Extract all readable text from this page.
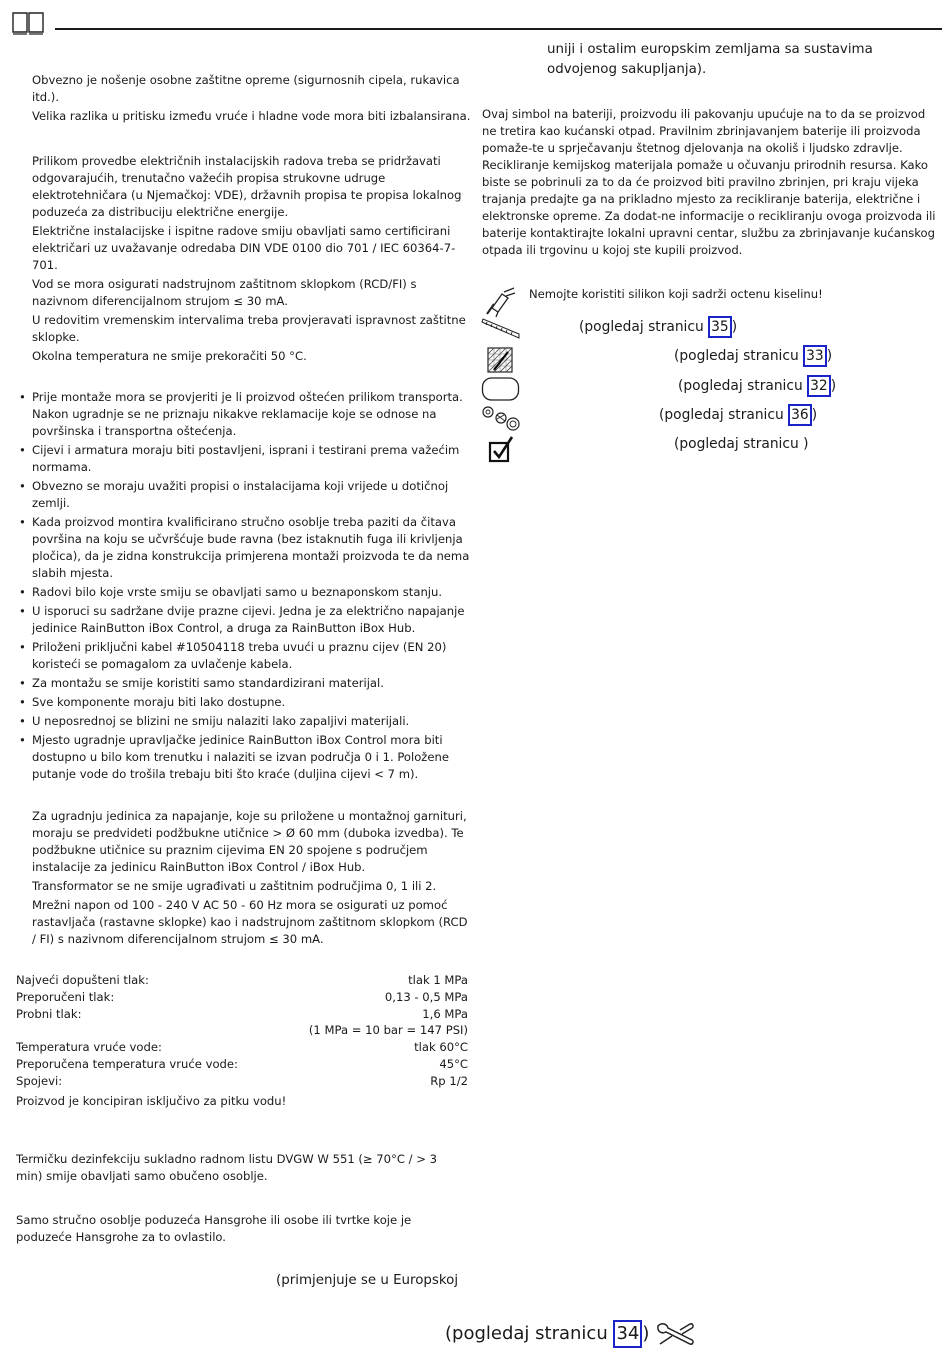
Obvezno je nošenje osobne zaštitne opreme (sigurnosnih cipela, rukavica itd.).

Velika razlika u pritisku između vruće i hladne vode mora biti izbalansirana.

Prilikom provedbe električnih instalacijskih radova treba se pridržavati odgovarajućih, trenutačno važećih propisa strukovne udruge elektrotehničara (u Njemačkoj: VDE), državnih propisa te propisa lokalnog poduzeća za distribuciju električne energije.

Električne instalacijske i ispitne radove smiju obavljati samo certificirani električari uz uvažavanje odredaba DIN VDE 0100 dio 701 / IEC 60364-7-701.

Vod se mora osigurati nadstrujnom zaštitnom sklopkom (RCD/FI) s nazivnom diferencijalnom strujom ≤ 30 mA.

U redovitim vremenskim intervalima treba provjeravati ispravnost zaštitne sklopke.

Okolna temperatura ne smije prekoračiti 50 °C.

• Prije montaže mora se provjeriti je li proizvod oštećen prilikom transporta. Nakon ugradnje se ne priznaju nikakve reklamacije koje se odnose na površinska i transportna oštećenja.
• Cijevi i armatura moraju biti postavljeni, isprani i testirani prema važećim normama.
• Obvezno se moraju uvažiti propisi o instalacijama koji vrijede u dotičnoj zemlji.
• Kada proizvod montira kvalificirano stručno osoblje treba paziti da čitava površina na koju se učvršćuje bude ravna (bez istaknutih fuga ili krivljenja pločica), da je zidna konstrukcija primjerena montaži proizvoda te da nema slabih mjesta.
• Radovi bilo koje vrste smiju se obavljati samo u beznaponskom stanju.
• U isporuci su sadržane dvije prazne cijevi. Jedna je za električno napajanje jedinice RainButton iBox Control, a druga za RainButton iBox Hub.
• Priloženi priključni kabel #10504118 treba uvući u praznu cijev (EN 20) koristeći se pomagalom za uvlačenje kabela.
• Za montažu se smije koristiti samo standardizirani materijal.
• Sve komponente moraju biti lako dostupne.
• U neposrednoj se blizini ne smiju nalaziti lako zapaljivi materijali.
• Mjesto ugradnje upravljačke jedinice RainButton iBox Control mora biti dostupno u bilo kom trenutku i nalaziti se izvan područja 0 i 1. Položene putanje vode do trošila trebaju biti što kraće (duljina cijevi < 7 m).

Za ugradnju jedinica za napajanje, koje su priložene u montažnoj garnituri, moraju se predvideti podžbukne utičnice > Ø 60 mm (duboka izvedba). Te podžbukne utičnice su praznim cijevima EN 20 spojene s područjem instalacije za jedinicu RainButton iBox Control / iBox Hub.

Transformator se ne smije ugrađivati u zaštitnim područjima 0, 1 ili 2.

Mrežni napon od 100 - 240 V AC 50 - 60 Hz mora se osigurati uz pomoć rastavljača (rastavne sklopke) kao i nadstrujnom zaštitnom sklopkom (RCD / FI) s nazivnom diferencijalnom strujom ≤ 30 mA.

Najveći dopušteni tlak:	tlak 1 MPa
Preporučeni tlak:	0,13 - 0,5 MPa
Probni tlak:	1,6 MPa
(1 MPa = 10 bar = 147 PSI)
Temperatura vruće vode:	tlak 60°C
Preporučena temperatura vruće vode:	45°C
Spojevi:	Rp 1/2

Proizvod je koncipiran isključivo za pitku vodu!

Termičku dezinfekciju sukladno radnom listu DVGW W 551 (≥ 70°C / > 3 min) smije obavljati samo obučeno osoblje.

Samo stručno osoblje poduzeća Hansgrohe ili osobe ili tvrtke koje je poduzeće Hansgrohe za to ovlastilo.

(primjenjuje se u Europskoj

uniji i ostalim europskim zemljama sa sustavima odvojenog sakupljanja).

Ovaj simbol na bateriji, proizvodu ili pakovanju upućuje na to da se proizvod ne tretira kao kućanski otpad. Pravilnim zbrinjavanjem baterije ili proizvoda pomaže-te u sprječavanju štetnog djelovanja na okoliš i ljudsko zdravlje. Recikliranje kemijskog materijala pomaže u očuvanju prirodnih resursa. Kako biste se pobrinuli za to da će proizvod biti pravilno zbrinjen, pri kraju vijeka trajanja predajte ga na prikladno mjesto za recikliranje baterija, električne i elektronske opreme. Za dodat-ne informacije o recikliranju ovoga proizvoda ili baterije kontaktirajte lokalni upravni centar, službu za zbrinjavanje kućanskog otpada ili trgovinu u kojoj ste kupili proizvod.

Nemojte koristiti silikon koji sadrži octenu kiselinu!

(pogledaj stranicu 35 )
(pogledaj stranicu 33 )
(pogledaj stranicu 32 )
(pogledaj stranicu 36 )
(pogledaj stranicu )
(pogledaj stranicu 34 )
